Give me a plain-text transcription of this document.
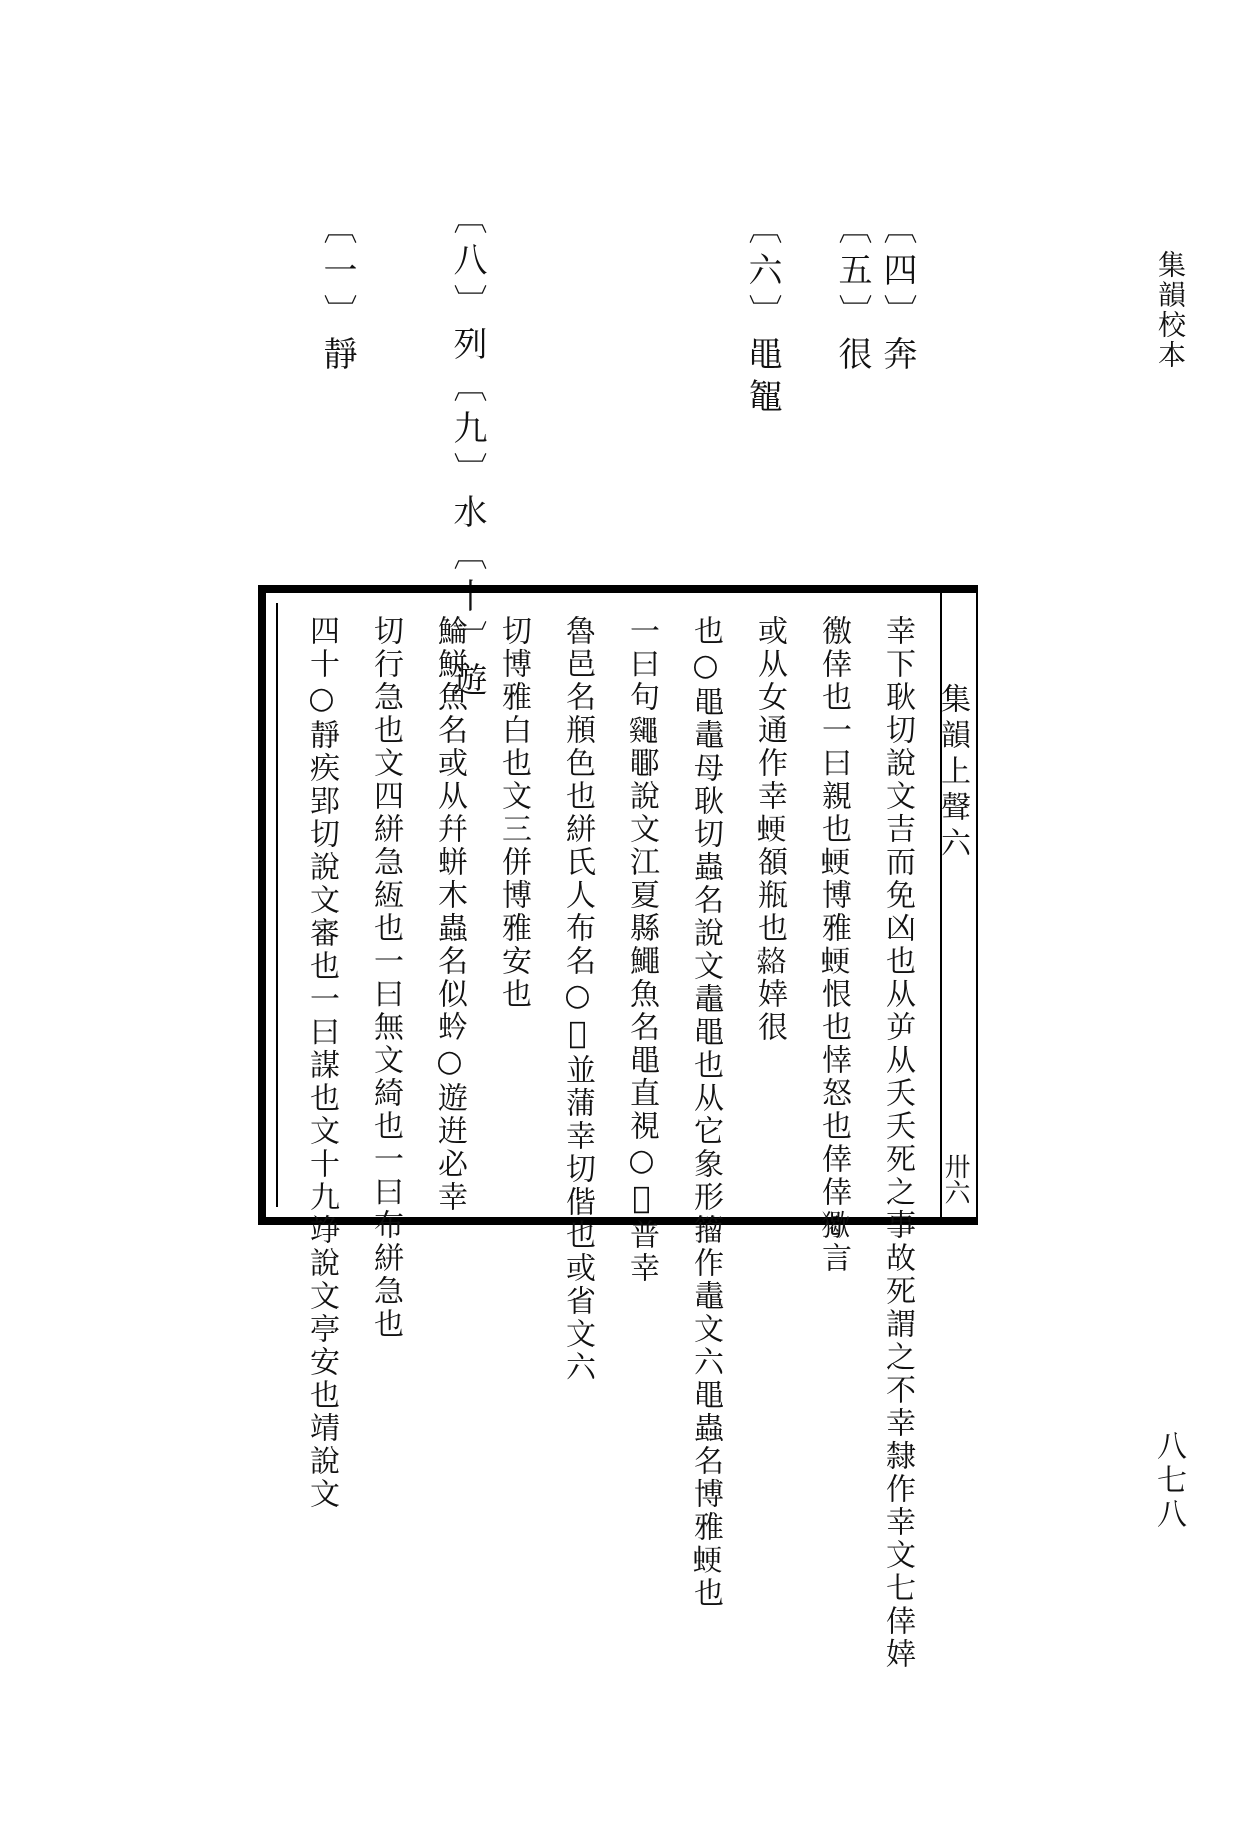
集韻校本
八七八
〔四〕奔
〔五〕很
〔六〕黽鼅
〔八〕列〔九〕水〔十〕遊
〔一〕靜
集韻上聲六
卅六
幸下耿切說文吉而免凶也从屰从夭夭死之事故死謂之不幸隸作幸文七倖婞
徼倖也一曰親也𧋑博雅𧋑恨也悻怒也倖倖𤢔言
或从女通作幸𧋑頟瓶也𦃆婞很
也○黽鼃母耿切蟲名說文鼃黽也从它象形籀作鼃文六黽蟲名博雅𧋑也
一曰句𪓷鄳說文江夏縣鱦魚名黽直視○𤚐普幸
魯邑名頩色也絣氏人布名○𠐸並蒲幸切偕也或省文六
切博雅白也文三併博雅安也
鯩鮩魚名或从幷蛢木蟲名似蚙○遊逬必幸
切行急也文四絣急絚也一曰無文綺也一曰布絣急也
四十○靜疾郢切說文審也一曰謀也文十九竫說文亭安也靖說文
